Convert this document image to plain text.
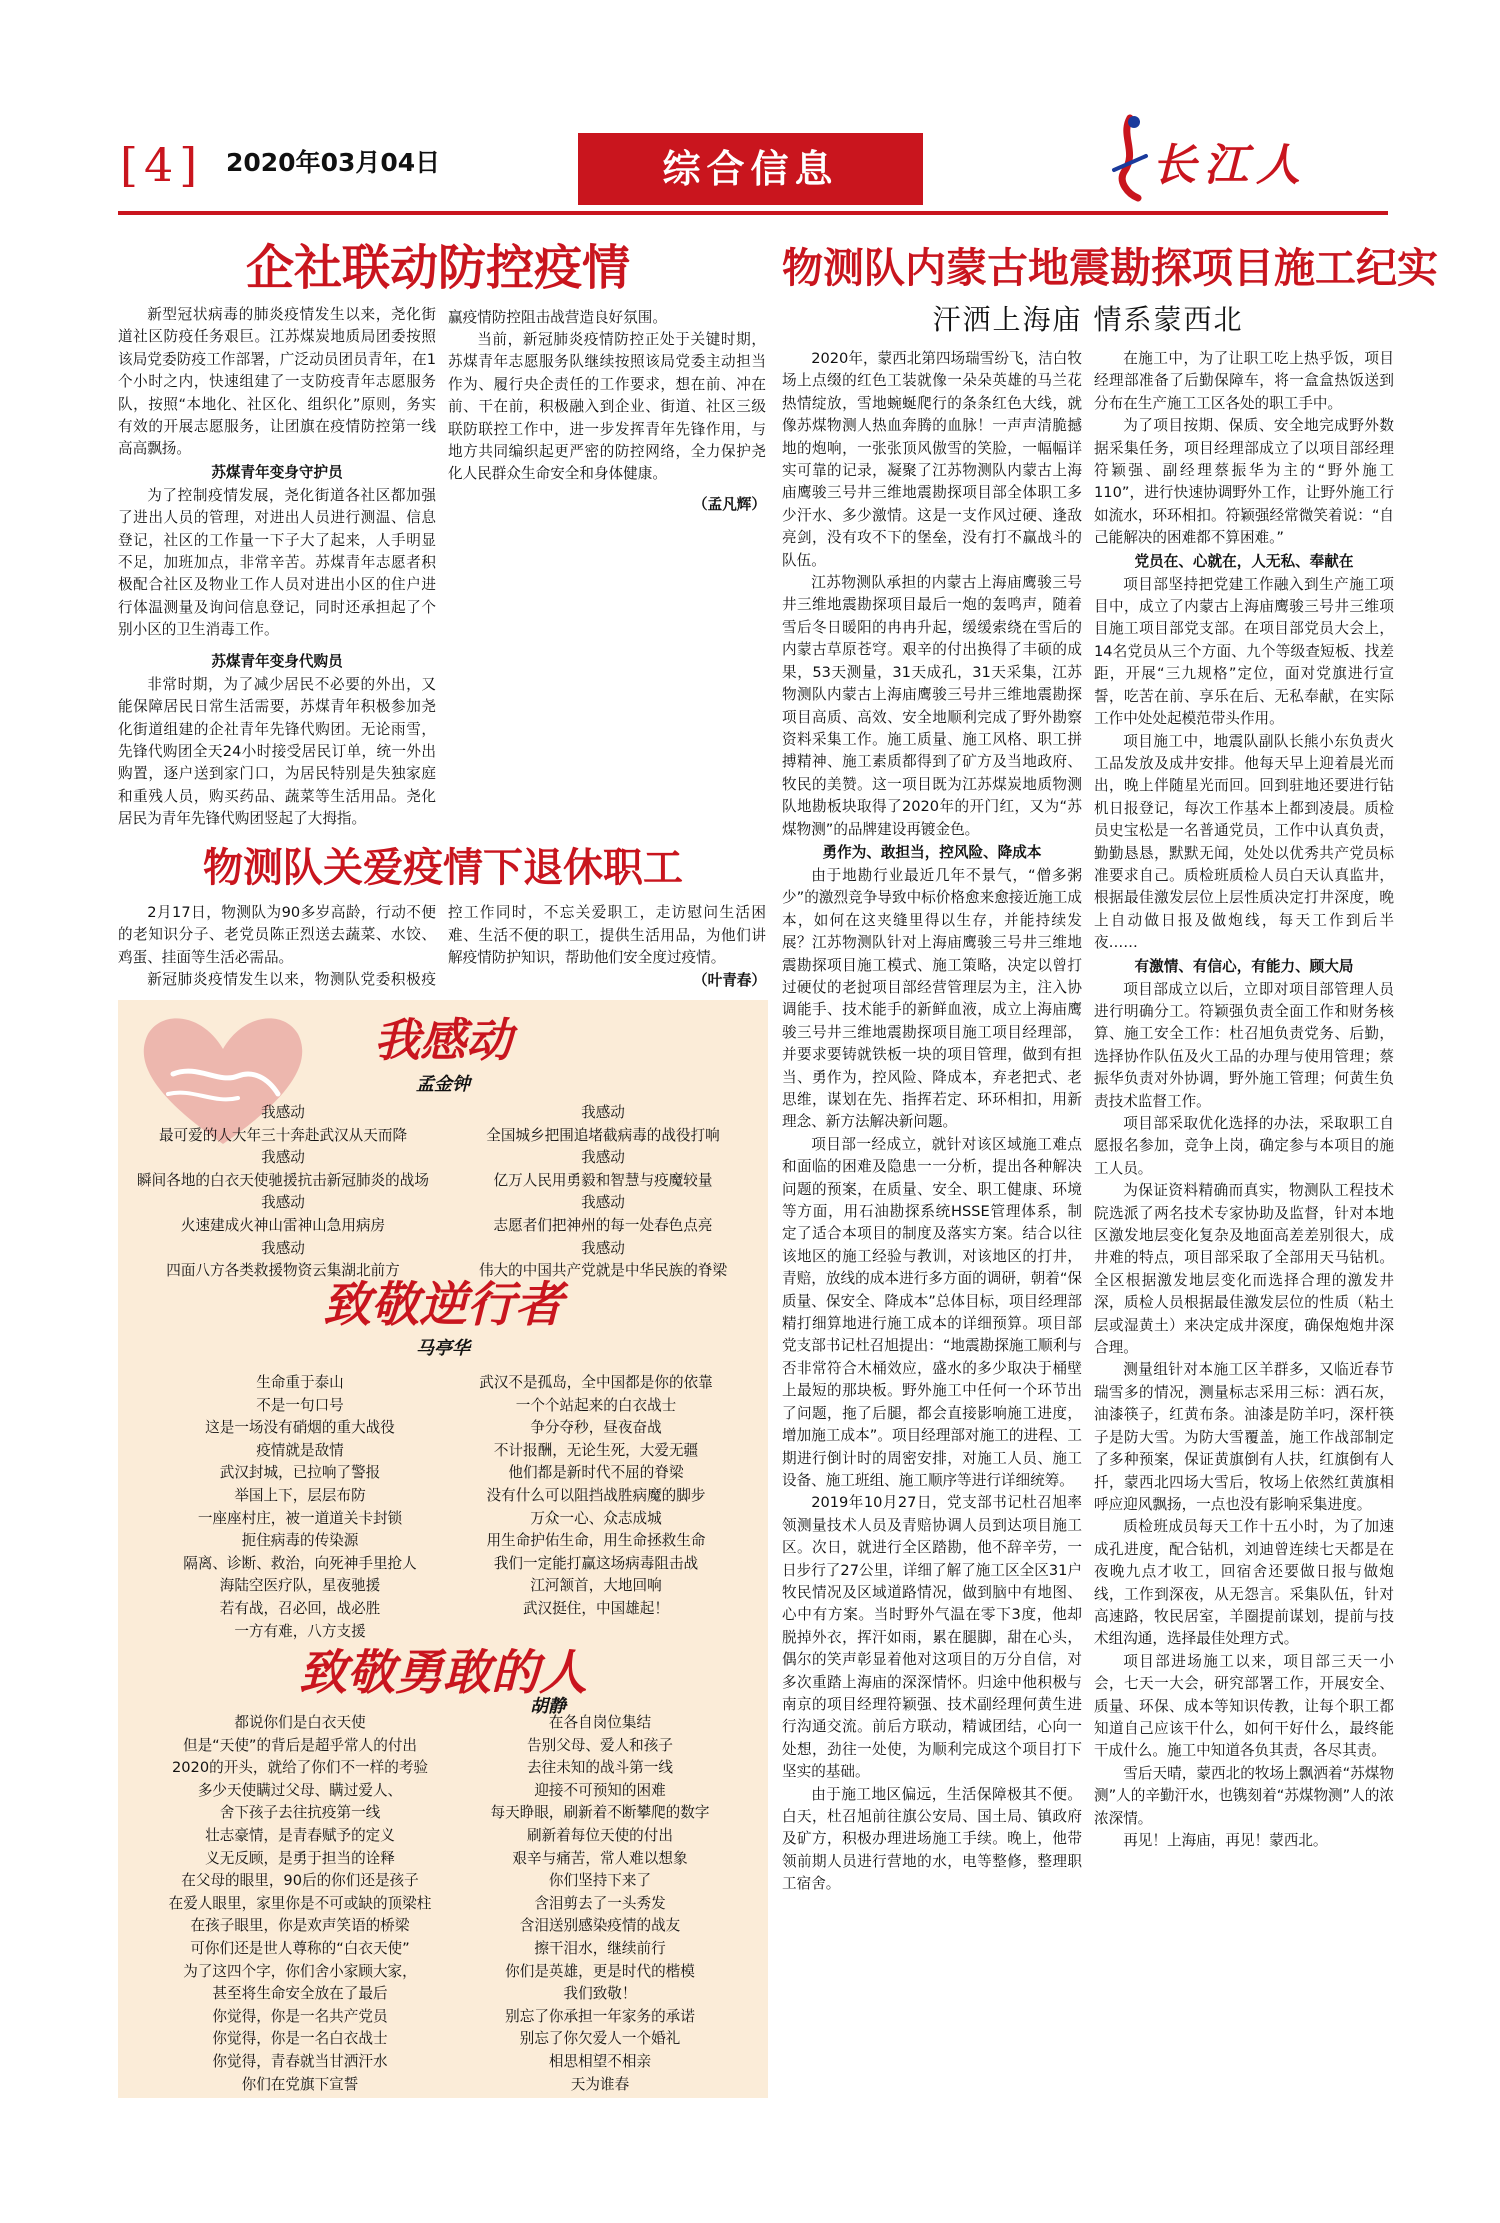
[ 4 ] 2020年03月04日	综合信息	长江人
企社联动防控疫情

新型冠状病毒的肺炎疫情发生以来，尧化街道社区防疫任务艰巨。江苏煤炭地质局团委按照该局党委防疫工作部署，广泛动员团员青年，在1个小时之内，快速组建了一支防疫青年志愿服务队，按照“本地化、社区化、组织化”原则，务实有效的开展志愿服务，让团旗在疫情防控第一线高高飘扬。

苏煤青年变身守护员

为了控制疫情发展，尧化街道各社区都加强了进出人员的管理，对进出人员进行测温、信息登记，社区的工作量一下子大了起来，人手明显不足，加班加点，非常辛苦。苏煤青年志愿者积极配合社区及物业工作人员对进出小区的住户进行体温测量及询问信息登记，同时还承担起了个别小区的卫生消毒工作。

苏煤青年变身代购员

非常时期，为了减少居民不必要的外出，又能保障居民日常生活需要，苏煤青年积极参加尧化街道组建的企社青年先锋代购团。无论雨雪，先锋代购团全天24小时接受居民订单，统一外出购置，逐户送到家门口，为居民特别是失独家庭和重残人员，购买药品、蔬菜等生活用品。尧化居民为青年先锋代购团竖起了大拇指。

赢疫情防控阻击战营造良好氛围。

当前，新冠肺炎疫情防控正处于关键时期，苏煤青年志愿服务队继续按照该局党委主动担当作为、履行央企责任的工作要求，想在前、冲在前、干在前，积极融入到企业、街道、社区三级联防联控工作中，进一步发挥青年先锋作用，与地方共同编织起更严密的防控网络，全力保护尧化人民群众生命安全和身体健康。

（孟凡辉）
物测队关爱疫情下退休职工

2月17日，物测队为90多岁高龄，行动不便的老知识分子、老党员陈正烈送去蔬菜、水饺、鸡蛋、挂面等生活必需品。

新冠肺炎疫情发生以来，物测队党委积极疫

控工作同时，不忘关爱职工，走访慰问生活困难、生活不便的职工，提供生活用品，为他们讲解疫情防护知识，帮助他们安全度过疫情。

（叶青春）
我感动
孟金钟
我感动	我感动
最可爱的人大年三十奔赴武汉从天而降	全国城乡把围追堵截病毒的战役打响
我感动	我感动
瞬间各地的白衣天使驰援抗击新冠肺炎的战场	亿万人民用勇毅和智慧与疫魔较量
我感动	我感动
火速建成火神山雷神山急用病房	志愿者们把神州的每一处春色点亮
我感动	我感动
四面八方各类救援物资云集湖北前方	伟大的中国共产党就是中华民族的脊梁
致敬逆行者
马亭华
生命重于泰山
不是一句口号
这是一场没有硝烟的重大战役
疫情就是敌情
武汉封城，已拉响了警报
举国上下，层层布防
一座座村庄，被一道道关卡封锁
扼住病毒的传染源
隔离、诊断、救治，向死神手里抢人
海陆空医疗队，星夜驰援
若有战，召必回，战必胜
一方有难，八方支援
武汉不是孤岛，全中国都是你的依靠
一个个站起来的白衣战士
争分夺秒，昼夜奋战
不计报酬，无论生死，大爱无疆
他们都是新时代不屈的脊梁
没有什么可以阻挡战胜病魔的脚步
万众一心、众志成城
用生命护佑生命，用生命拯救生命
我们一定能打赢这场病毒阻击战
江河颔首，大地回响
武汉挺住，中国雄起！
致敬勇敢的人
胡静
都说你们是白衣天使
但是“天使”的背后是超乎常人的付出
2020的开头，就给了你们不一样的考验
多少天使瞒过父母、瞒过爱人、
舍下孩子去往抗疫第一线
壮志豪情，是青春赋予的定义
义无反顾，是勇于担当的诠释
在父母的眼里，90后的你们还是孩子
在爱人眼里，家里你是不可或缺的顶梁柱
在孩子眼里，你是欢声笑语的桥梁
可你们还是世人尊称的“白衣天使”
为了这四个字，你们舍小家顾大家，
甚至将生命安全放在了最后
你觉得，你是一名共产党员
你觉得，你是一名白衣战士
你觉得，青春就当甘洒汗水
你们在党旗下宣誓
在各自岗位集结
告别父母、爱人和孩子
去往未知的战斗第一线
迎接不可预知的困难
每天睁眼，刷新着不断攀爬的数字
刷新着每位天使的付出
艰辛与痛苦，常人难以想象
你们坚持下来了
含泪剪去了一头秀发
含泪送别感染疫情的战友
擦干泪水，继续前行
你们是英雄，更是时代的楷模
我们致敬！
别忘了你承担一年家务的承诺
别忘了你欠爱人一个婚礼
相思相望不相亲
天为谁春
物测队内蒙古地震勘探项目施工纪实
汗洒上海庙 情系蒙西北

2020年，蒙西北第四场瑞雪纷飞，洁白牧场上点缀的红色工装就像一朵朵英雄的马兰花热情绽放，雪地蜿蜒爬行的条条红色大线，就像苏煤物测人热血奔腾的血脉！一声声清脆撼地的炮响，一张张顶风傲雪的笑脸，一幅幅详实可靠的记录，凝聚了江苏物测队内蒙古上海庙鹰骏三号井三维地震勘探项目部全体职工多少汗水、多少激情。这是一支作风过硬、逢敌亮剑，没有攻不下的堡垒，没有打不赢战斗的队伍。

江苏物测队承担的内蒙古上海庙鹰骏三号井三维地震勘探项目最后一炮的轰鸣声，随着雪后冬日暖阳的冉冉升起，缓缓索绕在雪后的内蒙古草原苍穹。艰辛的付出换得了丰硕的成果，53天测量，31天成孔，31天采集，江苏物测队内蒙古上海庙鹰骏三号井三维地震勘探项目高质、高效、安全地顺利完成了野外勘察资料采集工作。施工质量、施工风格、职工拼搏精神、施工素质都得到了矿方及当地政府、牧民的美赞。这一项目既为江苏煤炭地质物测队地勘板块取得了2020年的开门红，又为“苏煤物测”的品牌建设再镀金色。

勇作为、敢担当，控风险、降成本

由于地勘行业最近几年不景气，“僧多粥少”的激烈竞争导致中标价格愈来愈接近施工成本，如何在这夹缝里得以生存，并能持续发展？江苏物测队针对上海庙鹰骏三号井三维地震勘探项目施工模式、施工策略，决定以曾打过硬仗的老挝项目部经营管理层为主，注入协调能手、技术能手的新鲜血液，成立上海庙鹰骏三号井三维地震勘探项目施工项目经理部，并要求要铸就铁板一块的项目管理，做到有担当、勇作为，控风险、降成本，弃老把式、老思维，谋划在先、指挥若定、环环相扣，用新理念、新方法解决新问题。

项目部一经成立，就针对该区域施工难点和面临的困难及隐患一一分析，提出各种解决问题的预案，在质量、安全、职工健康、环境等方面，用石油勘探系统HSSE管理体系，制定了适合本项目的制度及落实方案。结合以往该地区的施工经验与教训，对该地区的打井，青赔，放线的成本进行多方面的调研，朝着“保质量、保安全、降成本”总体目标，项目经理部精打细算地进行施工成本的详细预算。项目部党支部书记杜召旭提出：“地震勘探施工顺利与否非常符合木桶效应，盛水的多少取决于桶壁上最短的那块板。野外施工中任何一个环节出了问题，拖了后腿，都会直接影响施工进度，增加施工成本”。项目经理部对施工的进程、工期进行倒计时的周密安排，对施工人员、施工设备、施工班组、施工顺序等进行详细统筹。

2019年10月27日，党支部书记杜召旭率领测量技术人员及青赔协调人员到达项目施工区。次日，就进行全区踏勘，他不辞辛劳，一日步行了27公里，详细了解了施工区全区31户牧民情况及区域道路情况，做到脑中有地图、心中有方案。当时野外气温在零下3度，他却脱掉外衣，挥汗如雨，累在腿脚，甜在心头，偶尔的笑声彰显着他对这项目的万分自信，对多次重踏上海庙的深深情怀。归途中他积极与南京的项目经理符颖强、技术副经理何黄生进行沟通交流。前后方联动，精诚团结，心向一处想，劲往一处使，为顺利完成这个项目打下坚实的基础。

由于施工地区偏远，生活保障极其不便。白天，杜召旭前往旗公安局、国土局、镇政府及矿方，积极办理进场施工手续。晚上，他带领前期人员进行营地的水，电等整修，整理职工宿舍。

在施工中，为了让职工吃上热乎饭，项目经理部准备了后勤保障车，将一盒盒热饭送到分布在生产施工工区各处的职工手中。

为了项目按期、保质、安全地完成野外数据采集任务，项目经理部成立了以项目部经理符颖强、副经理蔡振华为主的“野外施工110”，进行快速协调野外工作，让野外施工行如流水，环环相扣。符颖强经常微笑着说：“自己能解决的困难都不算困难。”

党员在、心就在，人无私、奉献在

项目部坚持把党建工作融入到生产施工项目中，成立了内蒙古上海庙鹰骏三号井三维项目施工项目部党支部。在项目部党员大会上，14名党员从三个方面、九个等级查短板、找差距，开展“三九规格”定位，面对党旗进行宣誓，吃苦在前、享乐在后、无私奉献，在实际工作中处处起模范带头作用。

项目施工中，地震队副队长熊小东负责火工品发放及成井安排。他每天早上迎着晨光而出，晚上伴随星光而回。回到驻地还要进行钻机日报登记，每次工作基本上都到凌晨。质检员史宝松是一名普通党员，工作中认真负责，勤勤恳恳，默默无闻，处处以优秀共产党员标准要求自己。质检班质检人员白天认真监井，根据最佳激发层位上层性质决定打井深度，晚上自动做日报及做炮线，每天工作到后半夜……

有激情、有信心，有能力、顾大局

项目部成立以后，立即对项目部管理人员进行明确分工。符颖强负责全面工作和财务核算、施工安全工作：杜召旭负责党务、后勤，选择协作队伍及火工品的办理与使用管理；蔡振华负责对外协调，野外施工管理；何黄生负责技术监督工作。

项目部采取优化选择的办法，采取职工自愿报名参加，竞争上岗，确定参与本项目的施工人员。

为保证资料精确而真实，物测队工程技术院选派了两名技术专家协助及监督，针对本地区激发地层变化复杂及地面高差差别很大，成井难的特点，项目部采取了全部用天马钻机。全区根据激发地层变化而选择合理的激发井深，质检人员根据最佳激发层位的性质（粘土层或湿黄土）来决定成井深度，确保炮炮井深合理。

测量组针对本施工区羊群多，又临近春节瑞雪多的情况，测量标志采用三标：洒石灰，油漆筷子，红黄布条。油漆是防羊叼，深杆筷子是防大雪。为防大雪覆盖，施工作战部制定了多种预案，保证黄旗倒有人扶，红旗倒有人扦，蒙西北四场大雪后，牧场上依然红黄旗相呼应迎风飘扬，一点也没有影响采集进度。

质检班成员每天工作十五小时，为了加速成孔进度，配合钻机，刘迪曾连续七天都是在夜晚九点才收工，回宿舍还要做日报与做炮线，工作到深夜，从无怨言。采集队伍，针对高速路，牧民居室，羊圈提前谋划，提前与技术组沟通，选择最佳处理方式。

项目部进场施工以来，项目部三天一小会，七天一大会，研究部署工作，开展安全、质量、环保、成本等知识传教，让每个职工都知道自己应该干什么，如何干好什么，最终能干成什么。施工中知道各负其责，各尽其责。

雪后天晴，蒙西北的牧场上飘洒着“苏煤物测”人的辛勤汗水，也镌刻着“苏煤物测”人的浓浓深情。

再见！上海庙，再见！蒙西北。
